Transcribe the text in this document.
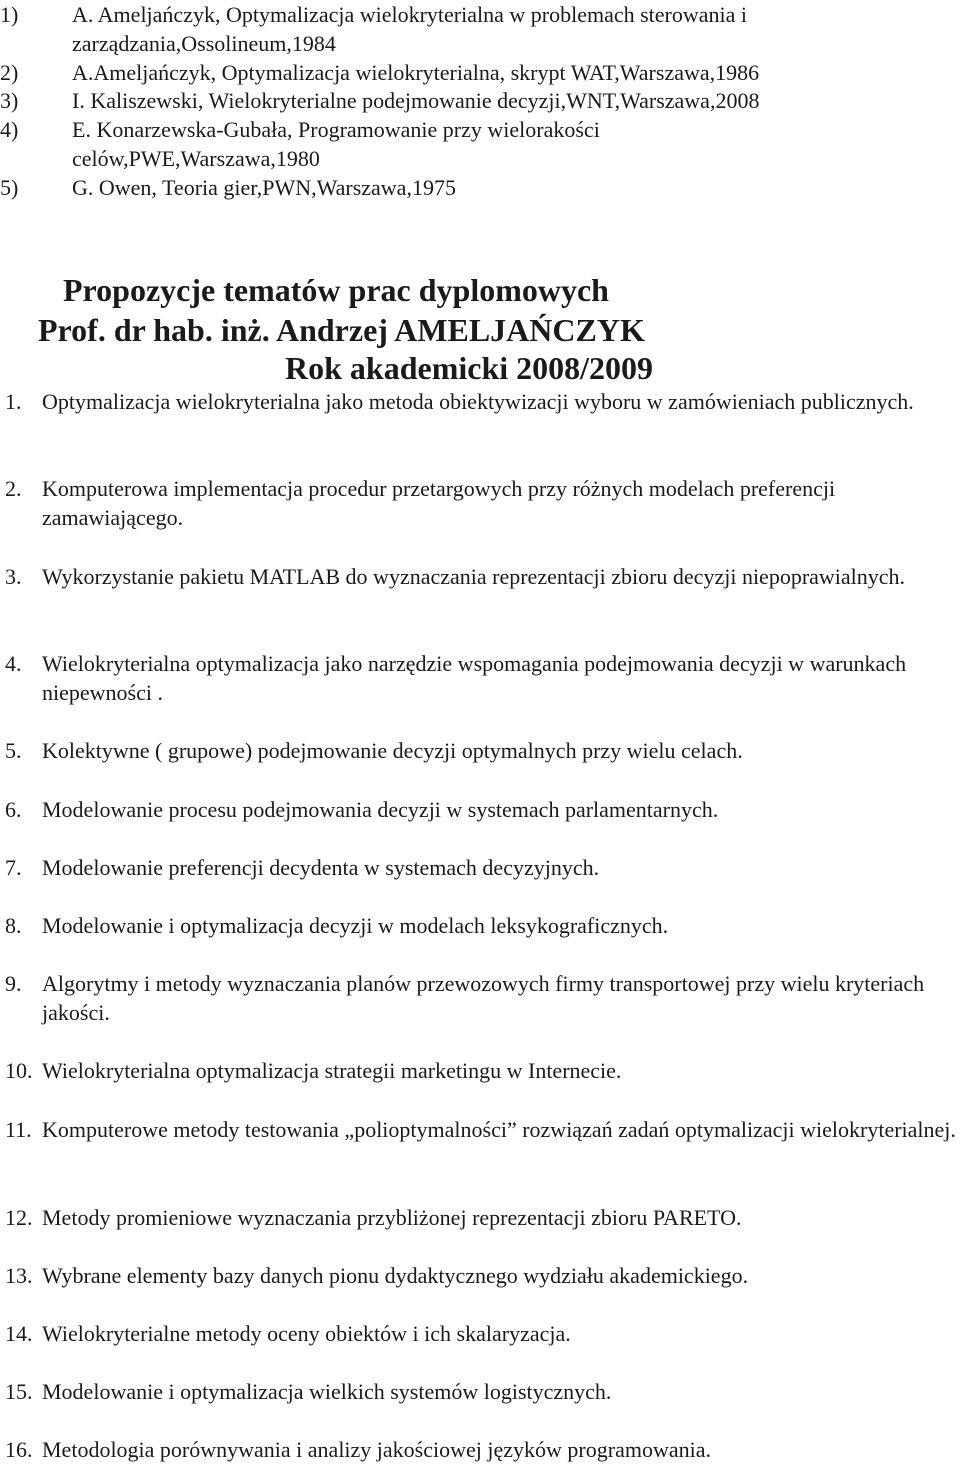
1)	A. Ameljańczyk, Optymalizacja wielokryterialna w problemach sterowania i zarządzania,Ossolineum,1984
2)	A.Ameljańczyk, Optymalizacja wielokryterialna, skrypt WAT,Warszawa,1986
3)	I. Kaliszewski, Wielokryterialne podejmowanie decyzji,WNT,Warszawa,2008
4)	E. Konarzewska-Gubała, Programowanie przy wielorakości celów,PWE,Warszawa,1980
5)	G. Owen, Teoria gier,PWN,Warszawa,1975
Propozycje tematów prac dyplomowych
Prof. dr hab. inż. Andrzej AMELJAŃCZYK
Rok akademicki 2008/2009
1. Optymalizacja wielokryterialna jako metoda obiektywizacji wyboru w zamówieniach publicznych.
2. Komputerowa implementacja procedur przetargowych przy różnych modelach preferencji zamawiającego.
3. Wykorzystanie pakietu MATLAB do wyznaczania reprezentacji zbioru decyzji niepoprawialnych.
4. Wielokryterialna optymalizacja jako narzędzie wspomagania podejmowania decyzji w warunkach niepewności .
5. Kolektywne ( grupowe) podejmowanie decyzji optymalnych przy wielu celach.
6. Modelowanie procesu podejmowania decyzji w systemach parlamentarnych.
7. Modelowanie preferencji decydenta w systemach decyzyjnych.
8. Modelowanie i optymalizacja decyzji w modelach leksykograficznych.
9. Algorytmy i metody wyznaczania planów przewozowych firmy transportowej przy wielu kryteriach jakości.
10. Wielokryterialna optymalizacja strategii marketingu w Internecie.
11. Komputerowe metody testowania „polioptymalności” rozwiązań zadań optymalizacji wielokryterialnej.
12. Metody promieniowe wyznaczania przybliżonej reprezentacji zbioru PARETO.
13. Wybrane elementy bazy danych pionu dydaktycznego wydziału akademickiego.
14. Wielokryterialne metody oceny obiektów i ich skalaryzacja.
15. Modelowanie i optymalizacja wielkich systemów logistycznych.
16. Metodologia porównywania i analizy jakościowej języków programowania.
